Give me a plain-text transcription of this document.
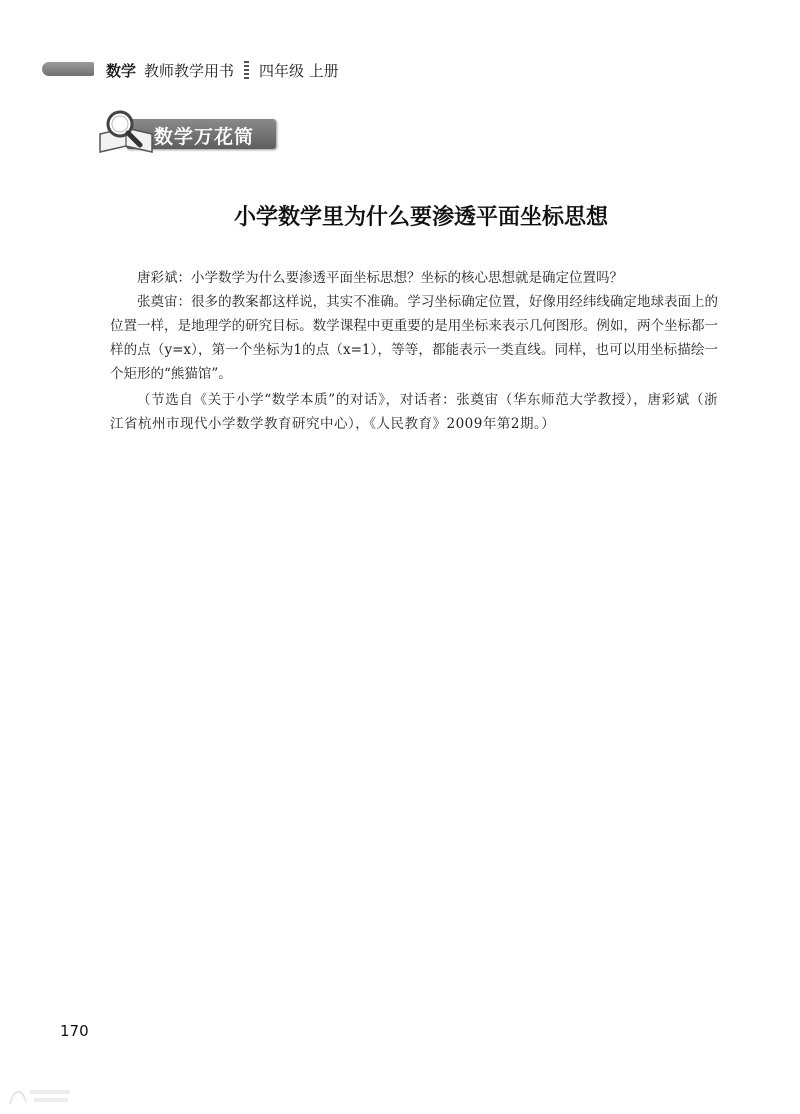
数学 教师教学用书 四年级 上册
数学万花筒
小学数学里为什么要渗透平面坐标思想

唐彩斌：小学数学为什么要渗透平面坐标思想？坐标的核心思想就是确定位置吗？

张奠宙：很多的教案都这样说，其实不准确。学习坐标确定位置，好像用经纬线确定地球表面上的位置一样，是地理学的研究目标。数学课程中更重要的是用坐标来表示几何图形。例如，两个坐标都一样的点（y=x），第一个坐标为1的点（x=1），等等，都能表示一类直线。同样，也可以用坐标描绘一个矩形的“熊猫馆”。

（节选自《关于小学“数学本质”的对话》，对话者：张奠宙（华东师范大学教授），唐彩斌（浙江省杭州市现代小学数学教育研究中心），《人民教育》2009年第2期。）

170
